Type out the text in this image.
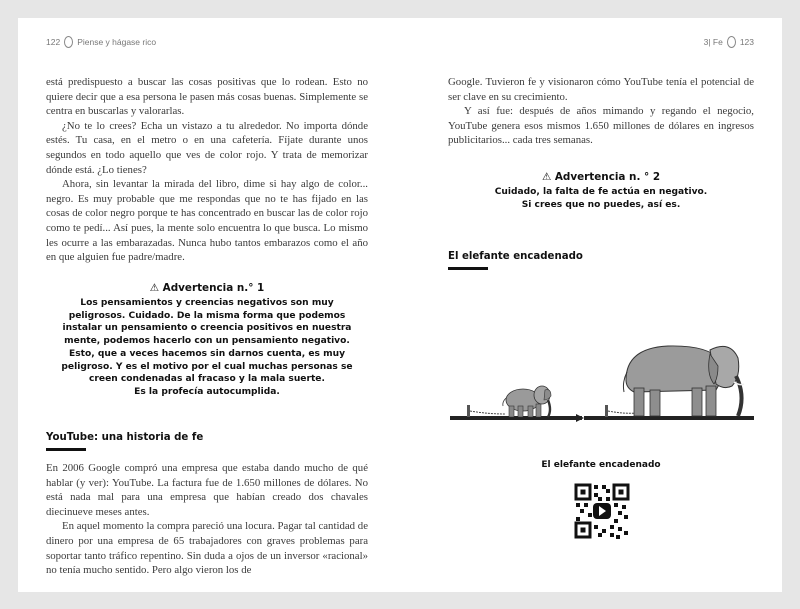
122 Piense y hágase rico

está predispuesto a buscar las cosas positivas que lo rodean. Esto no quiere decir que a esa persona le pasen más cosas buenas. Simplemente se centra en buscarlas y valorarlas.

¿No te lo crees? Echa un vistazo a tu alrededor. No importa dónde estés. Tu casa, en el metro o en una cafetería. Fíjate durante unos segundos en todo aquello que ves de color rojo. Y trata de memorizar dónde está. ¿Lo tienes?

Ahora, sin levantar la mirada del libro, dime si hay algo de color... negro. Es muy probable que me respondas que no te has fijado en las cosas de color negro porque te has concentrado en buscar las de color rojo como te pedí... Así pues, la mente solo encuentra lo que busca. Lo mismo les ocurre a las embarazadas. Nunca hubo tantos embarazos como el año en que alguien fue padre/madre.

⚠ Advertencia n.° 1
Los pensamientos y creencias negativos son muy
peligrosos. Cuidado. De la misma forma que podemos
instalar un pensamiento o creencia positivos en nuestra
mente, podemos hacerlo con un pensamiento negativo.
Esto, que a veces hacemos sin darnos cuenta, es muy
peligroso. Y es el motivo por el cual muchas personas se
creen condenadas al fracaso y la mala suerte.
Es la profecía autocumplida.
YouTube: una historia de fe

En 2006 Google compró una empresa que estaba dando mucho de qué hablar (y ver): YouTube. La factura fue de 1.650 millones de dólares. No está nada mal para una empresa que habían creado dos chavales diecinueve meses antes.

En aquel momento la compra pareció una locura. Pagar tal cantidad de dinero por una empresa de 65 trabajadores con graves problemas para soportar tanto tráfico repentino. Sin duda a ojos de un inversor «racional» no tenía mucho sentido. Pero algo vieron los de

3| Fe 123

Google. Tuvieron fe y visionaron cómo YouTube tenía el potencial de ser clave en su crecimiento.

Y así fue: después de años mimando y regando el negocio, YouTube genera esos mismos 1.650 millones de dólares en ingresos publicitarios... cada tres semanas.

⚠ Advertencia n. ° 2
Cuidado, la falta de fe actúa en negativo.
Si crees que no puedes, así es.
El elefante encadenado
El elefante encadenado
